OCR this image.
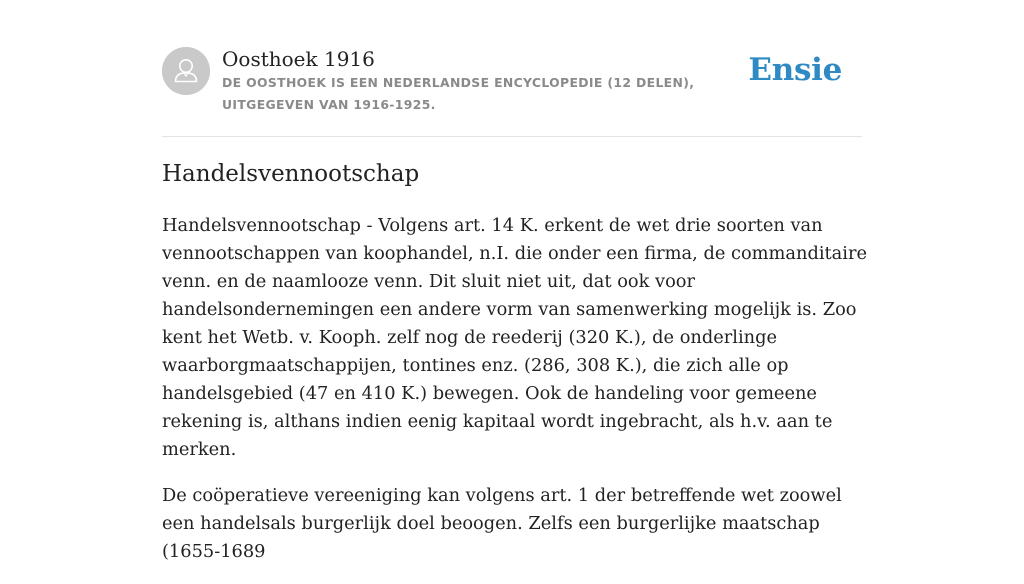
Oosthoek 1916
DE OOSTHOEK IS EEN NEDERLANDSE ENCYCLOPEDIE (12 DELEN), UITGEGEVEN VAN 1916-1925.
Ensie
Handelsvennootschap

Handelsvennootschap - Volgens art. 14 K. erkent de wet drie soorten van vennootschappen van koophandel, n.I. die onder een firma, de commanditaire venn. en de naamlooze venn. Dit sluit niet uit, dat ook voor handelsondernemingen een andere vorm van samenwerking mogelijk is. Zoo kent het Wetb. v. Kooph. zelf nog de reederij (320 K.), de onderlinge waarborgmaatschappijen, tontines enz. (286, 308 K.), die zich alle op handelsgebied (47 en 410 K.) bewegen. Ook de handeling voor gemeene rekening is, althans indien eenig kapitaal wordt ingebracht, als h.v. aan te merken.

De coöperatieve vereeniging kan volgens art. 1 der betreffende wet zoowel een handelsals burgerlijk doel beoogen. Zelfs een burgerlijke maatschap (1655-1689
